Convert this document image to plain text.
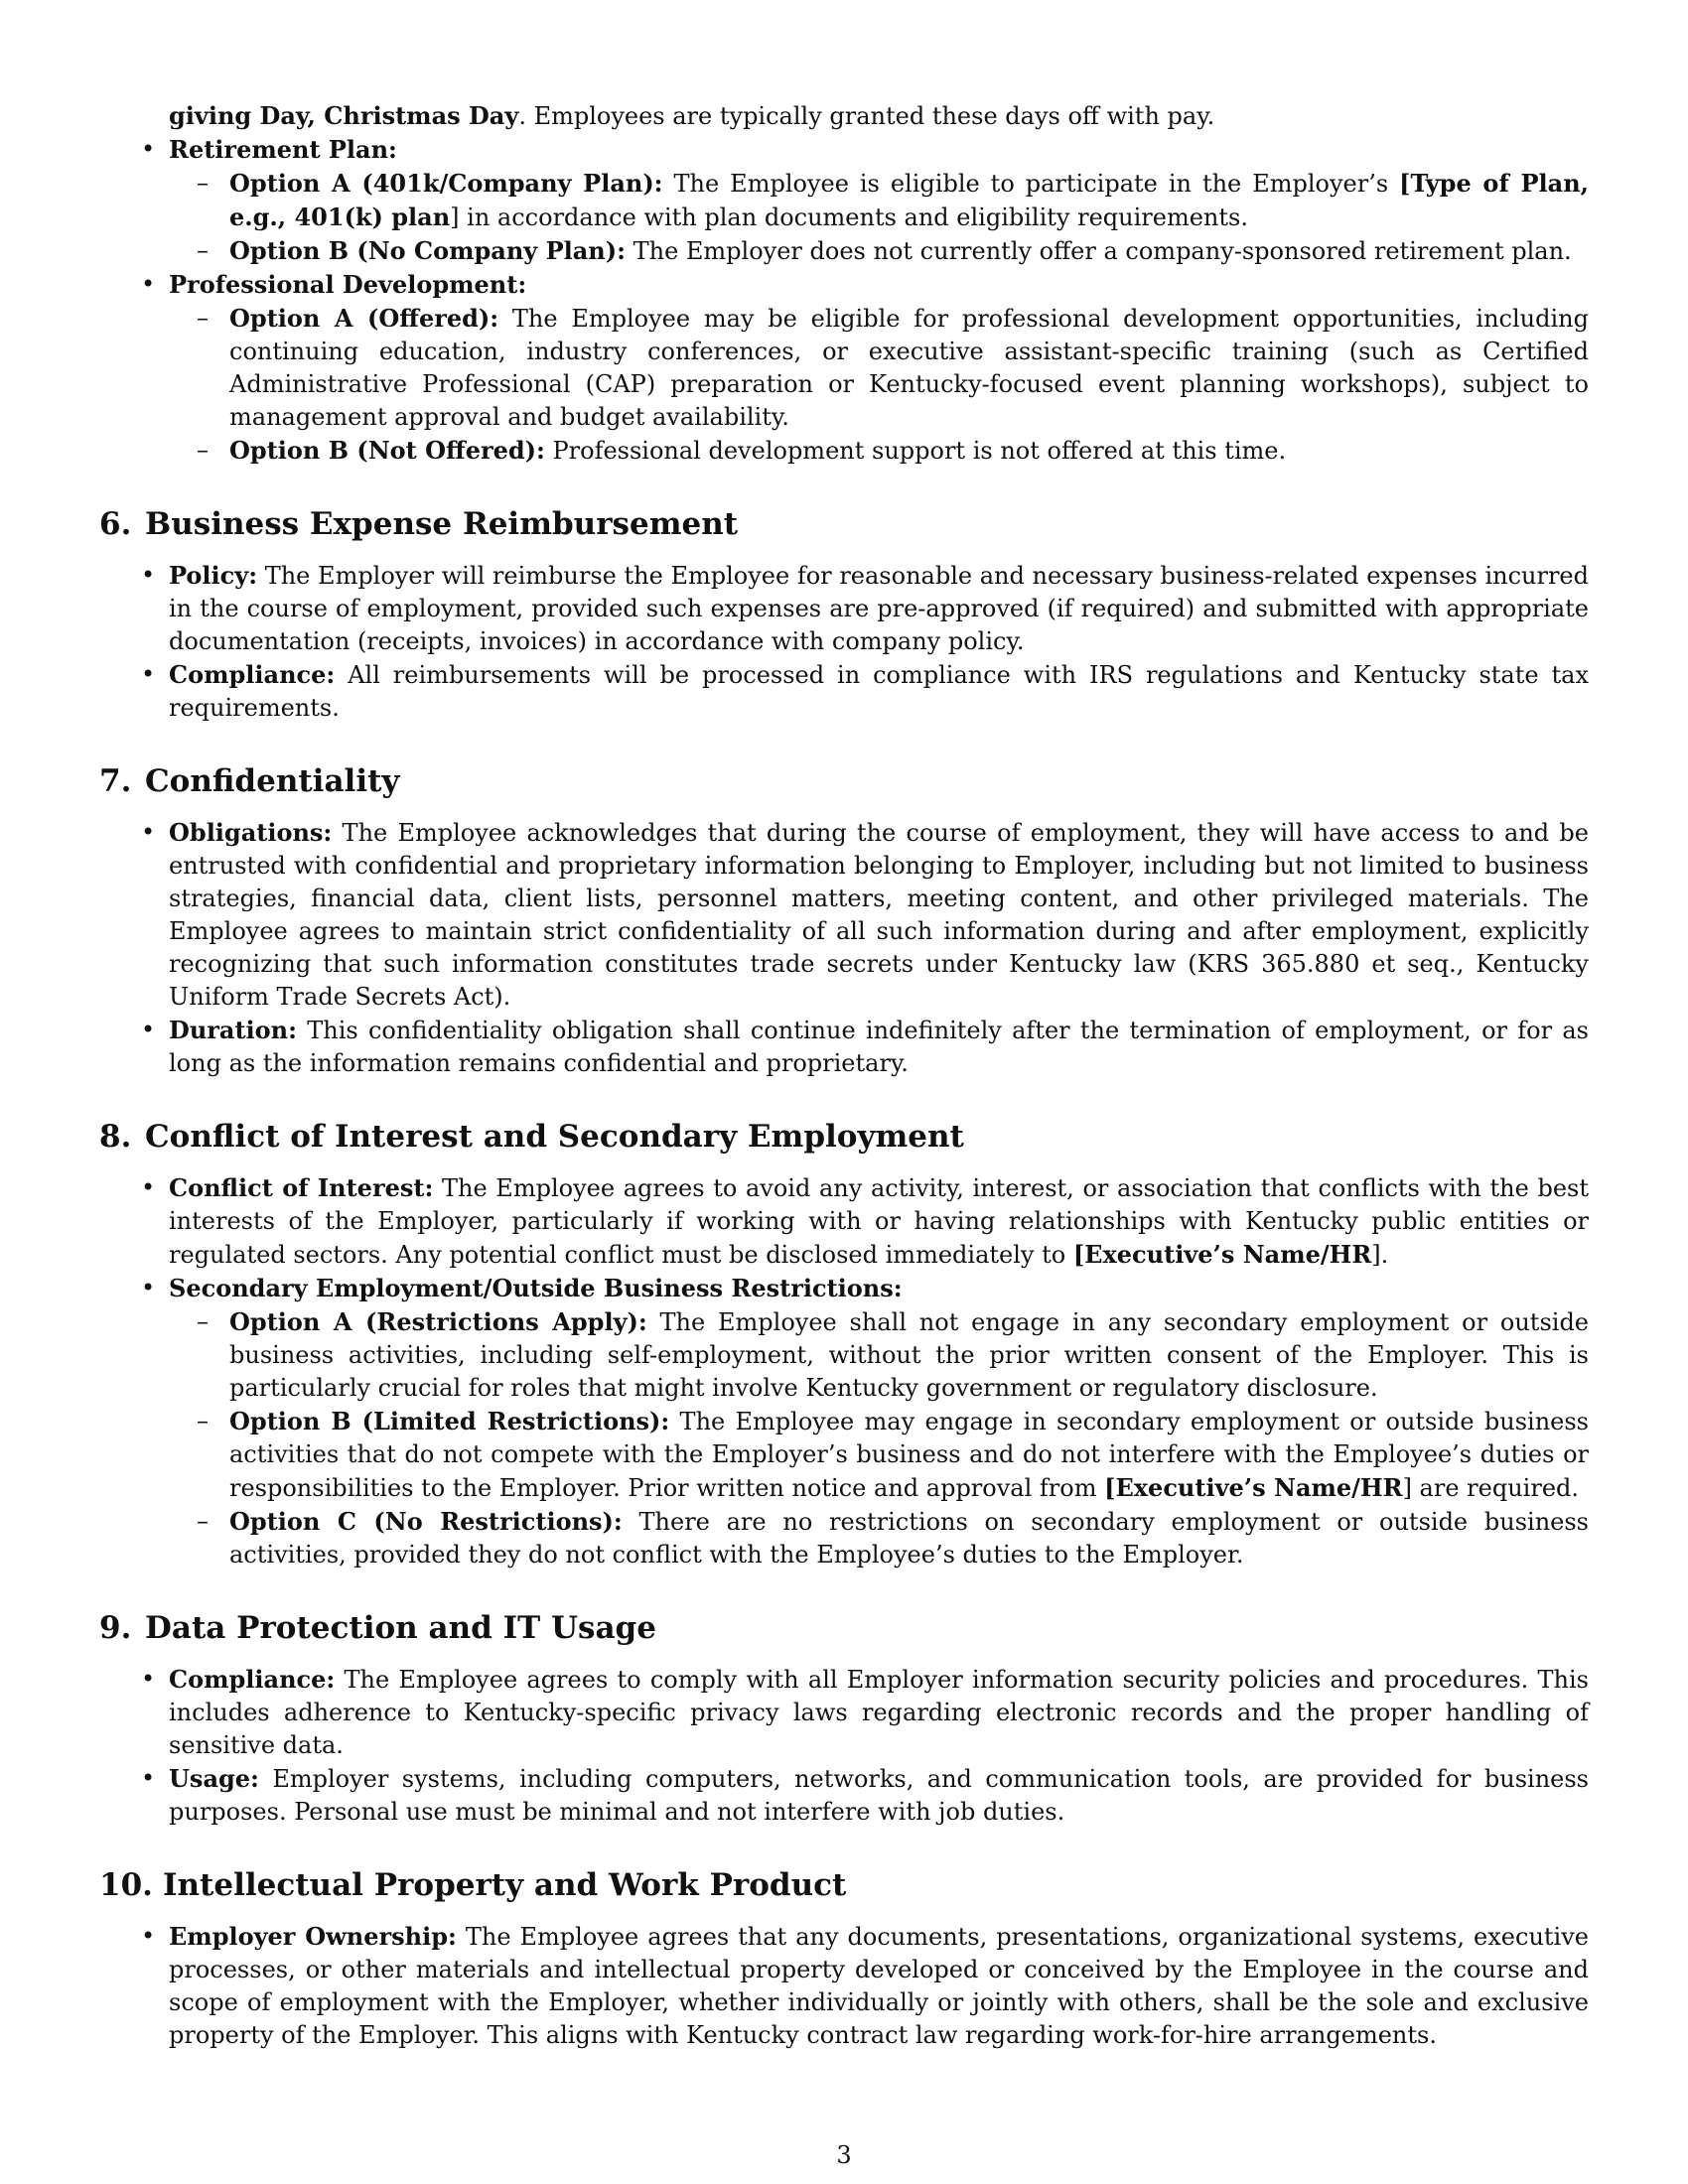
giving Day, Christmas Day. Employees are typically granted these days off with pay.

• Retirement Plan:
– Option A (401k/Company Plan): The Employee is eligible to participate in the Employer’s [Type of Plan, e.g., 401(k) plan] in accordance with plan documents and eligibility requirements.
– Option B (No Company Plan): The Employer does not currently offer a company-sponsored retirement plan.
• Professional Development:
– Option A (Offered): The Employee may be eligible for professional development opportunities, including continuing education, industry conferences, or executive assistant-specific training (such as Certified Administrative Professional (CAP) preparation or Kentucky-focused event planning workshops), subject to management approval and budget availability.
– Option B (Not Offered): Professional development support is not offered at this time.
6. Business Expense Reimbursement
• Policy: The Employer will reimburse the Employee for reasonable and necessary business-related expenses incurred in the course of employment, provided such expenses are pre-approved (if required) and submitted with appropriate documentation (receipts, invoices) in accordance with company policy.
• Compliance: All reimbursements will be processed in compliance with IRS regulations and Kentucky state tax requirements.
7. Confidentiality
• Obligations: The Employee acknowledges that during the course of employment, they will have access to and be entrusted with confidential and proprietary information belonging to Employer, including but not limited to business strategies, financial data, client lists, personnel matters, meeting content, and other privileged materials. The Employee agrees to maintain strict confidentiality of all such information during and after employment, explicitly recognizing that such information constitutes trade secrets under Kentucky law (KRS 365.880 et seq., Kentucky Uniform Trade Secrets Act).
• Duration: This confidentiality obligation shall continue indefinitely after the termination of employment, or for as long as the information remains confidential and proprietary.
8. Conflict of Interest and Secondary Employment
• Conflict of Interest: The Employee agrees to avoid any activity, interest, or association that conflicts with the best interests of the Employer, particularly if working with or having relationships with Kentucky public entities or regulated sectors. Any potential conflict must be disclosed immediately to [Executive’s Name/HR].
• Secondary Employment/Outside Business Restrictions:
– Option A (Restrictions Apply): The Employee shall not engage in any secondary employment or outside business activities, including self-employment, without the prior written consent of the Employer. This is particularly crucial for roles that might involve Kentucky government or regulatory disclosure.
– Option B (Limited Restrictions): The Employee may engage in secondary employment or outside business activities that do not compete with the Employer’s business and do not interfere with the Employee’s duties or responsibilities to the Employer. Prior written notice and approval from [Executive’s Name/HR] are required.
– Option C (No Restrictions): There are no restrictions on secondary employment or outside business activities, provided they do not conflict with the Employee’s duties to the Employer.
9. Data Protection and IT Usage
• Compliance: The Employee agrees to comply with all Employer information security policies and procedures. This includes adherence to Kentucky-specific privacy laws regarding electronic records and the proper handling of sensitive data.
• Usage: Employer systems, including computers, networks, and communication tools, are provided for business purposes. Personal use must be minimal and not interfere with job duties.
10. Intellectual Property and Work Product
• Employer Ownership: The Employee agrees that any documents, presentations, organizational systems, executive processes, or other materials and intellectual property developed or conceived by the Employee in the course and scope of employment with the Employer, whether individually or jointly with others, shall be the sole and exclusive property of the Employer. This aligns with Kentucky contract law regarding work-for-hire arrangements.
3
